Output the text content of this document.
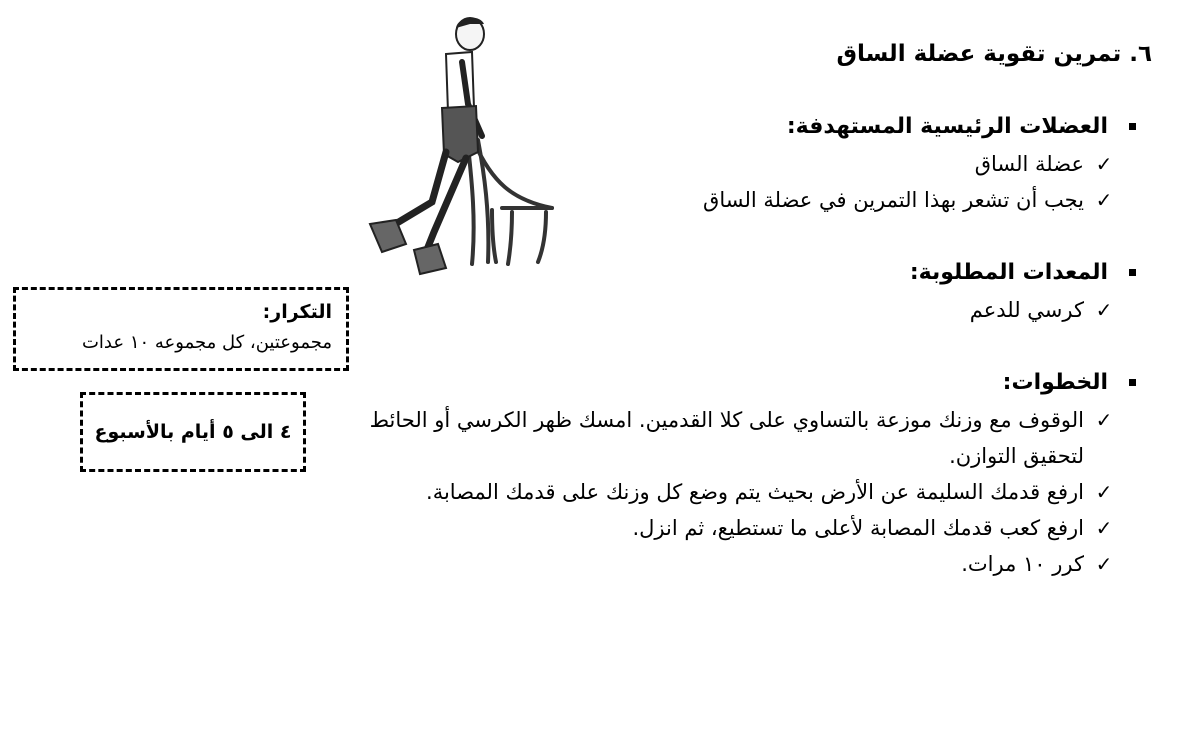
٦. تمرين تقوية عضلة الساق
التكرار:
مجموعتين، كل مجموعه ١٠ عدات
٤ الى ٥ أيام بالأسبوع
العضلات الرئيسية المستهدفة:
✓
عضلة الساق
✓
يجب أن تشعر بهذا التمرين في عضلة الساق
المعدات المطلوبة:
✓
كرسي للدعم
الخطوات:
✓
الوقوف مع وزنك موزعة بالتساوي على كلا القدمين. امسك ظهر الكرسي أو الحائط لتحقيق التوازن.
✓
ارفع قدمك السليمة عن الأرض بحيث يتم وضع كل وزنك على قدمك المصابة.
✓
ارفع كعب قدمك المصابة لأعلى ما تستطيع، ثم انزل.
✓
كرر ١٠ مرات.
